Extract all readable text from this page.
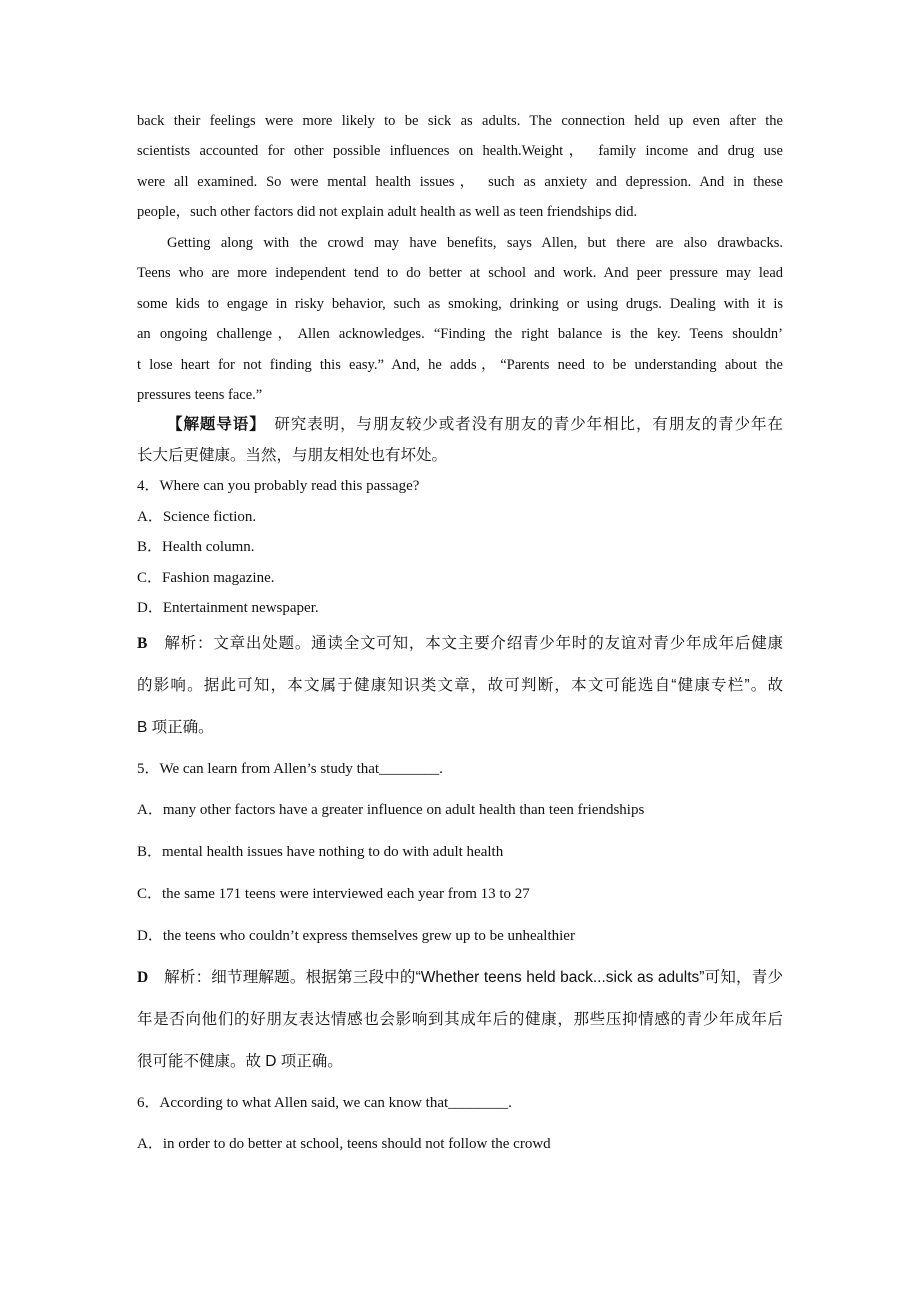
back their feelings were more likely to be sick as adults. The connection held up even after the
scientists accounted for other possible influences on health.Weight， family income and drug use
were all examined. So were mental health issues， such as anxiety and depression. And in these
people，such other factors did not explain adult health as well as teen friendships did.
Getting along with the crowd may have benefits, says Allen, but there are also drawbacks.
Teens who are more independent tend to do better at school and work. And peer pressure may lead
some kids to engage in risky behavior, such as smoking, drinking or using drugs. Dealing with it is
an ongoing challenge，Allen acknowledges. “Finding the right balance is the key. Teens shouldn’
t lose heart for not finding this easy.” And, he adds，“Parents need to be understanding about the
pressures teens face.”
【解题导语】　研究表明，与朋友较少或者没有朋友的青少年相比，有朋友的青少年在
长大后更健康。当然，与朋友相处也有坏处。
4．Where can you probably read this passage?
A．Science fiction.
B．Health column.
C．Fashion magazine.
D．Entertainment newspaper.
B　解析：文章出处题。通读全文可知，本文主要介绍青少年时的友谊对青少年成年后健康
的影响。据此可知，本文属于健康知识类文章，故可判断，本文可能选自“健康专栏”。故
B 项正确。
5．We can learn from Allen’s study that________.
A．many other factors have a greater influence on adult health than teen friendships
B．mental health issues have nothing to do with adult health
C．the same 171 teens were interviewed each year from 13 to 27
D．the teens who couldn’t express themselves grew up to be unhealthier
D　解析：细节理解题。根据第三段中的“Whether teens held back...sick as adults”可知，青少
年是否向他们的好朋友表达情感也会影响到其成年后的健康，那些压抑情感的青少年成年后
很可能不健康。故 D 项正确。
6．According to what Allen said, we can know that________.
A．in order to do better at school, teens should not follow the crowd
